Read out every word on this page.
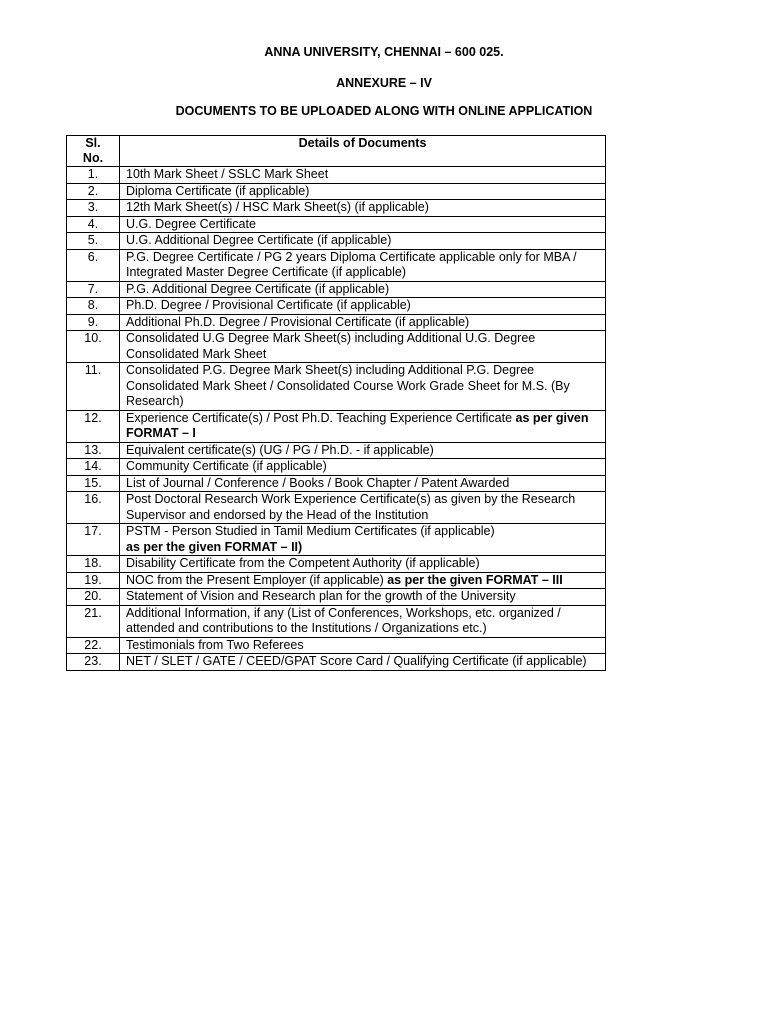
ANNA UNIVERSITY, CHENNAI – 600 025.
ANNEXURE – IV
DOCUMENTS TO BE UPLOADED ALONG WITH ONLINE APPLICATION
Sl.
No.	Details of Documents
1.	10th Mark Sheet / SSLC Mark Sheet
2.	Diploma Certificate (if applicable)
3.	12th Mark Sheet(s) / HSC Mark Sheet(s) (if applicable)
4.	U.G. Degree Certificate
5.	U.G. Additional Degree Certificate (if applicable)
6.	P.G. Degree Certificate / PG 2 years Diploma Certificate applicable only for MBA / Integrated Master Degree Certificate (if applicable)
7.	P.G. Additional Degree Certificate (if applicable)
8.	Ph.D. Degree / Provisional Certificate (if applicable)
9.	Additional Ph.D. Degree / Provisional Certificate (if applicable)
10.	Consolidated U.G Degree Mark Sheet(s) including Additional U.G. Degree Consolidated Mark Sheet
11.	Consolidated P.G. Degree Mark Sheet(s) including Additional P.G. Degree Consolidated Mark Sheet / Consolidated Course Work Grade Sheet for M.S. (By Research)
12.	Experience Certificate(s) / Post Ph.D. Teaching Experience Certificate as per given FORMAT – I
13.	Equivalent certificate(s) (UG / PG / Ph.D. - if applicable)
14.	Community Certificate (if applicable)
15.	List of Journal / Conference / Books / Book Chapter / Patent Awarded
16.	Post Doctoral Research Work Experience Certificate(s) as given by the Research Supervisor and endorsed by the Head of the Institution
17.	PSTM - Person Studied in Tamil Medium Certificates (if applicable)
as per the given FORMAT – II)
18.	Disability Certificate from the Competent Authority (if applicable)
19.	NOC from the Present Employer (if applicable) as per the given FORMAT – III
20.	Statement of Vision and Research plan for the growth of the University
21.	Additional Information, if any (List of Conferences, Workshops, etc. organized / attended and contributions to the Institutions / Organizations etc.)
22.	Testimonials from Two Referees
23.	NET / SLET / GATE / CEED/GPAT Score Card / Qualifying Certificate (if applicable)
